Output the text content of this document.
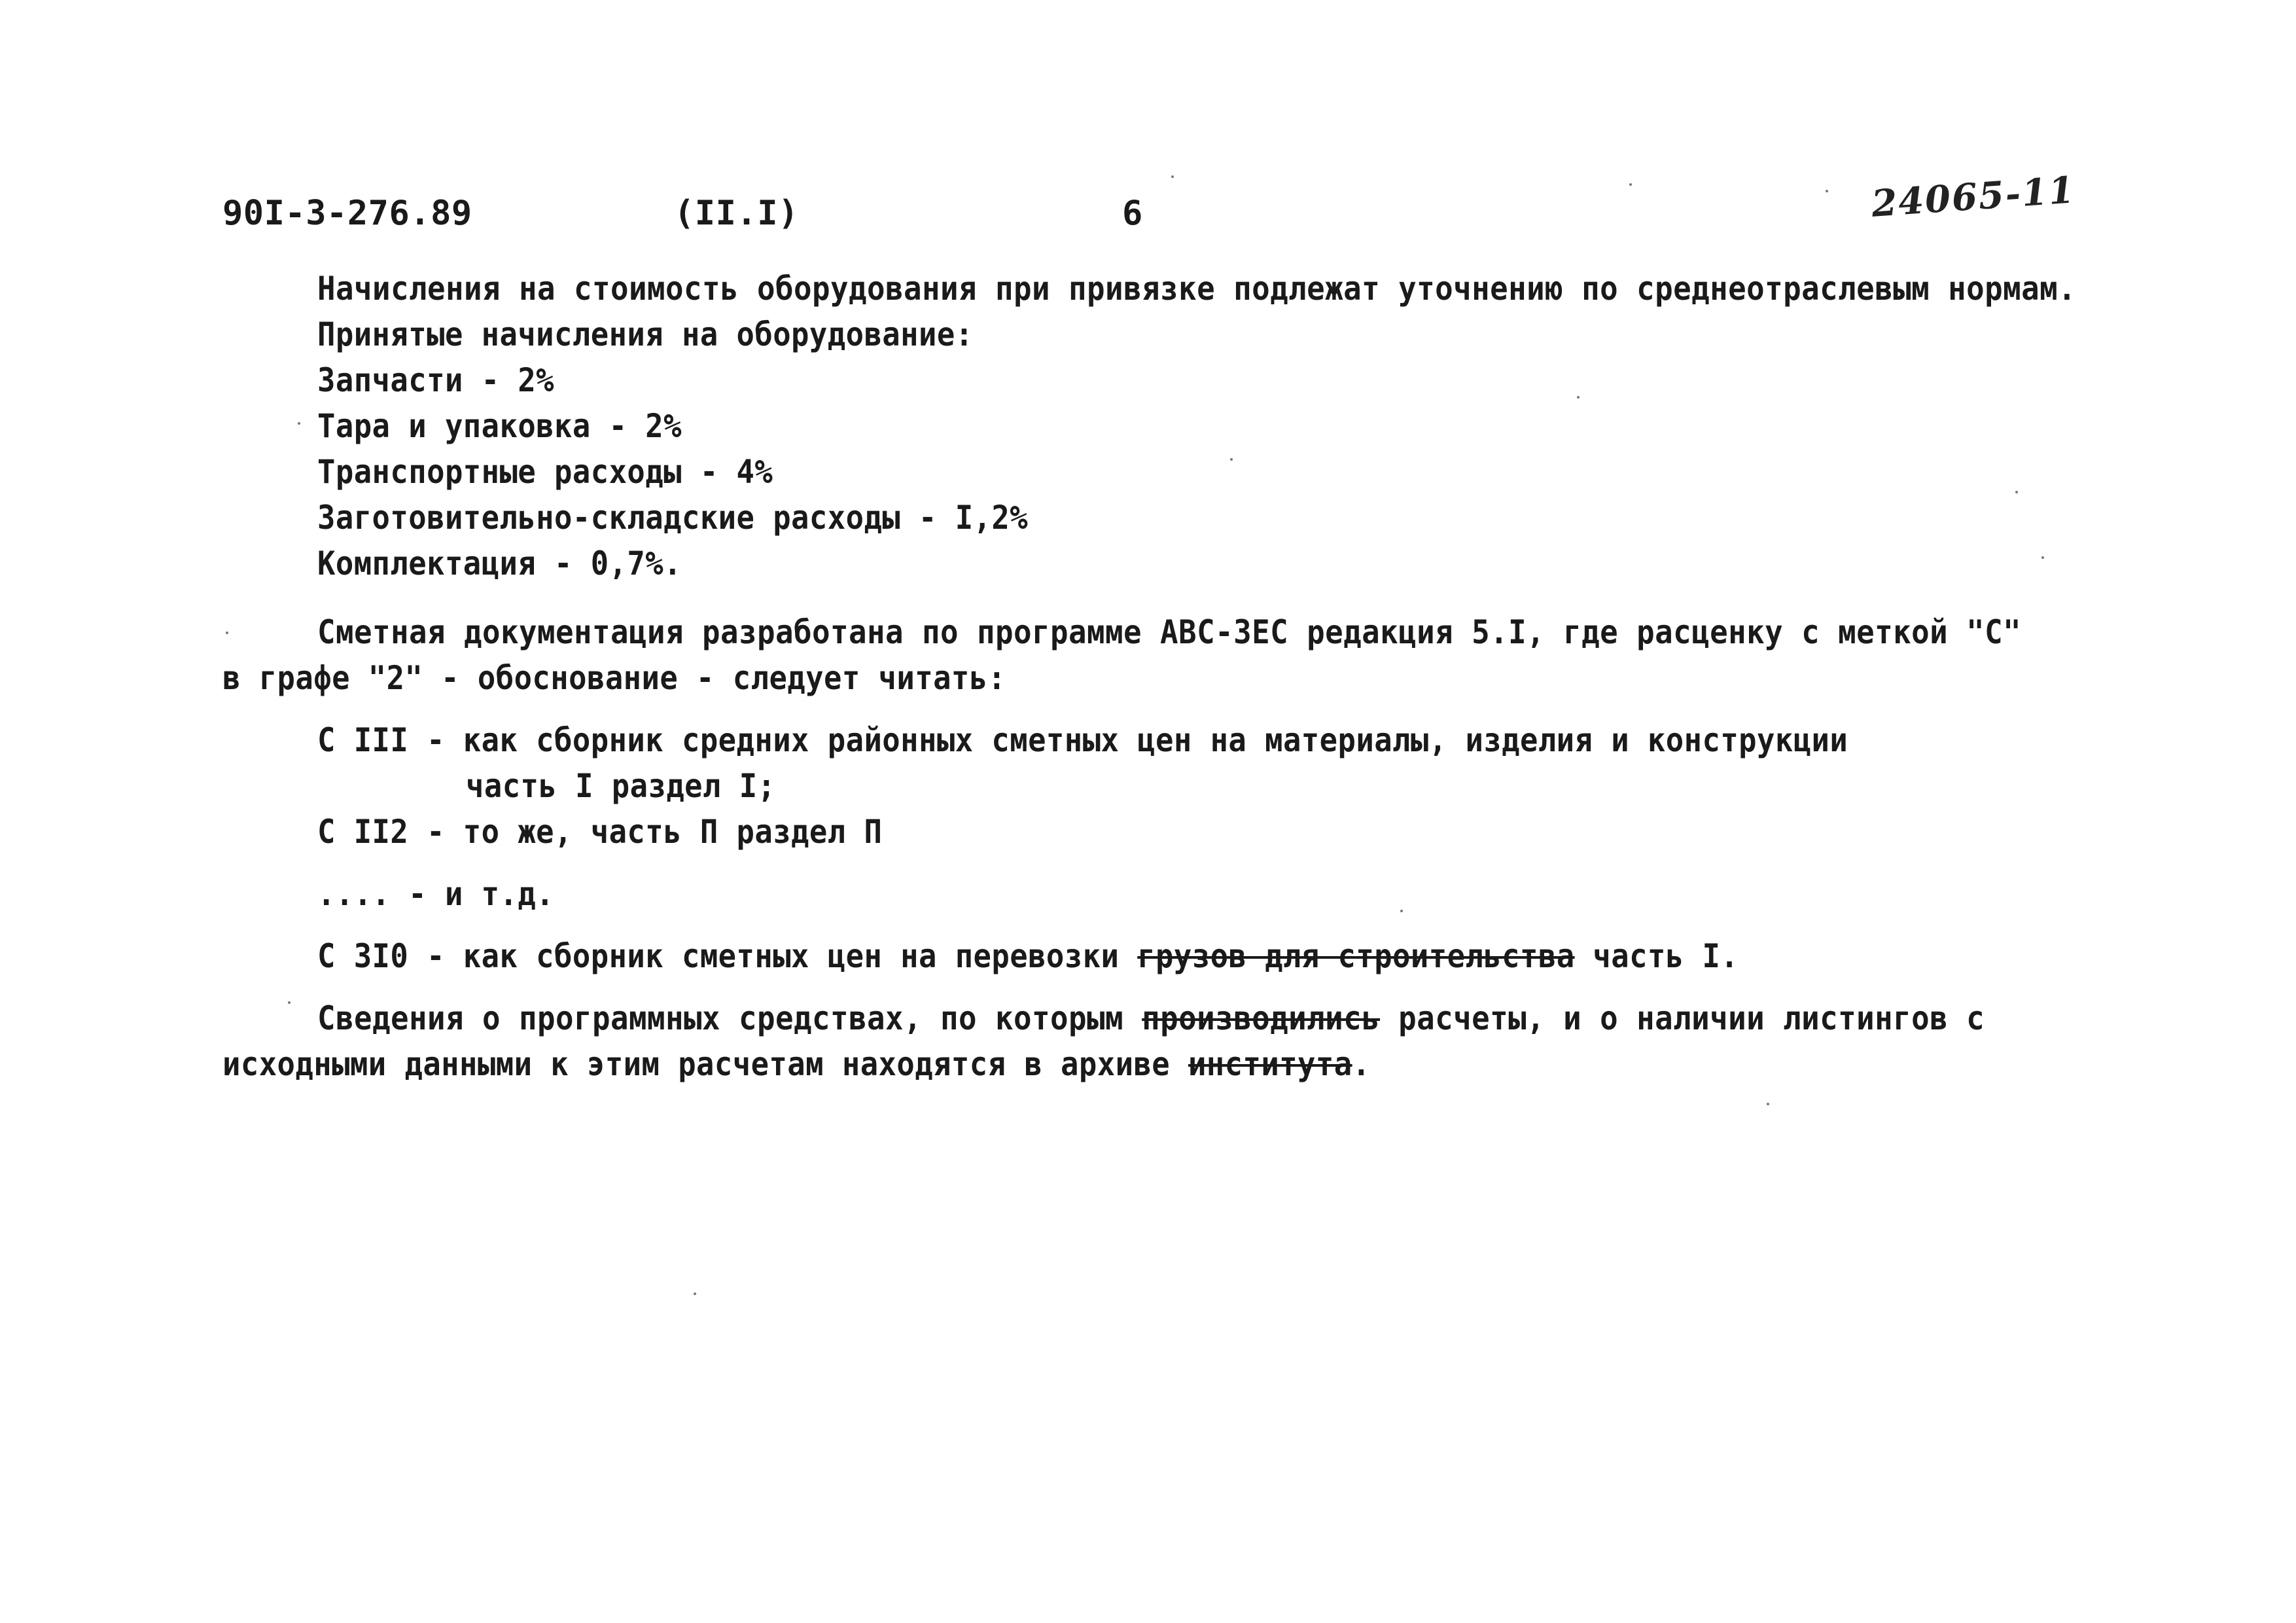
90I-3-276.89	(II.I)	6	24065-11
Начисления на стоимость оборудования при привязке подлежат уточнению по среднеотраслевым нормам.
Принятые начисления на оборудование:
Запчасти - 2%
Тара и упаковка - 2%
Транспортные расходы - 4%
Заготовительно-складские расходы - I,2%
Комплектация - 0,7%.
Сметная документация разработана по программе АВС-3ЕС редакция 5.I, где расценку с меткой "С"
в графе "2" - обоснование - следует читать:
С III - как сборник средних районных сметных цен на материалы, изделия и конструкции
часть I раздел I;
С II2 - то же, часть П раздел П
.... - и т.д.
С 3I0 - как сборник сметных цен на перевозки грузов для строительства часть I.
Сведения о программных средствах, по которым производились расчеты, и о наличии листингов с
исходными данными к этим расчетам находятся в архиве института.
